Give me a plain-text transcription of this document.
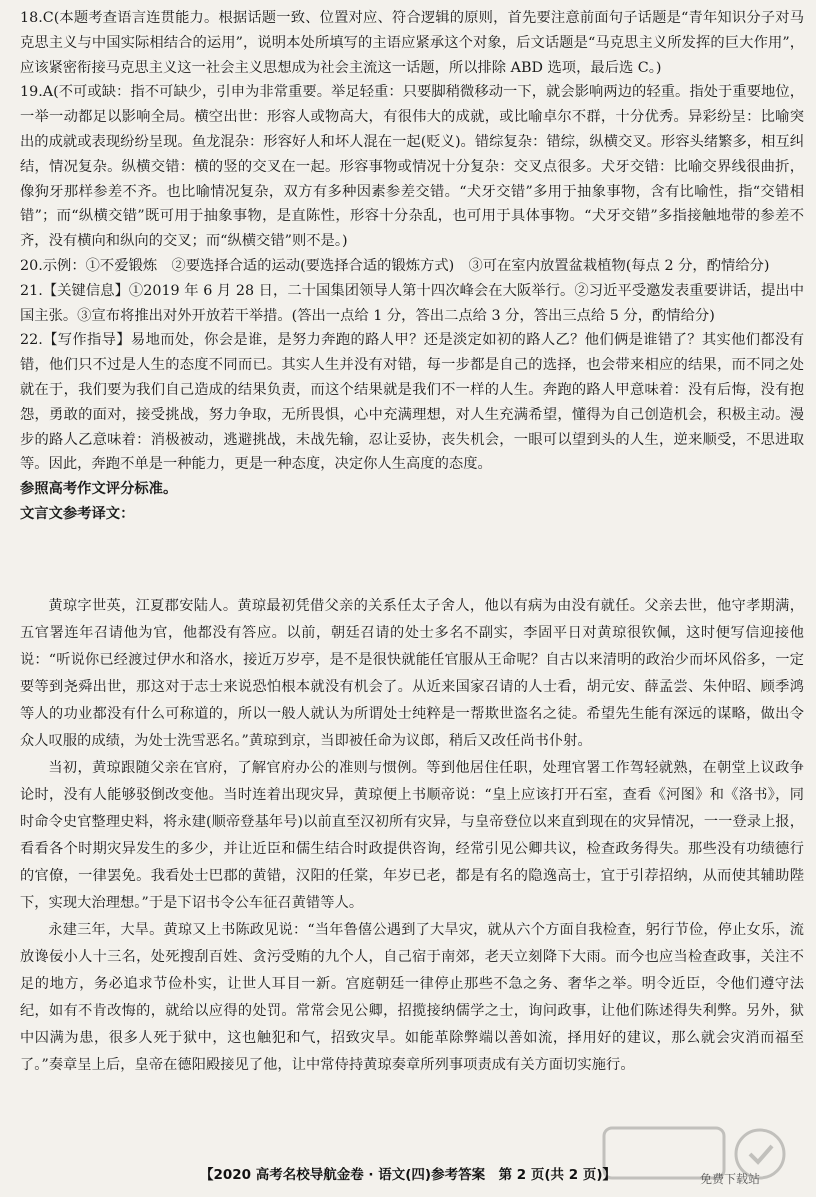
18.C(本题考查语言连贯能力。根据话题一致、位置对应、符合逻辑的原则，首先要注意前面句子话题是“青年知识分子对马克思主义与中国实际相结合的运用”，说明本处所填写的主语应紧承这个对象，后文话题是“马克思主义所发挥的巨大作用”，应该紧密衔接马克思主义这一社会主义思想成为社会主流这一话题，所以排除 ABD 选项，最后选 C。)

19.A(不可或缺：指不可缺少，引申为非常重要。举足轻重：只要脚稍微移动一下，就会影响两边的轻重。指处于重要地位，一举一动都足以影响全局。横空出世：形容人或物高大，有很伟大的成就，或比喻卓尔不群，十分优秀。异彩纷呈：比喻突出的成就或表现纷纷呈现。鱼龙混杂：形容好人和坏人混在一起(贬义)。错综复杂：错综，纵横交叉。形容头绪繁多，相互纠结，情况复杂。纵横交错：横的竖的交叉在一起。形容事物或情况十分复杂：交叉点很多。犬牙交错：比喻交界线很曲折，像狗牙那样参差不齐。也比喻情况复杂，双方有多种因素参差交错。“犬牙交错”多用于抽象事物，含有比喻性，指“交错相错”；而“纵横交错”既可用于抽象事物，是直陈性，形容十分杂乱，也可用于具体事物。“犬牙交错”多指接触地带的参差不齐，没有横向和纵向的交叉；而“纵横交错”则不是。)

20.示例：①不爱锻炼　②要选择合适的运动(要选择合适的锻炼方式)　③可在室内放置盆栽植物(每点 2 分，酌情给分)

21.【关键信息】①2019 年 6 月 28 日，二十国集团领导人第十四次峰会在大阪举行。②习近平受邀发表重要讲话，提出中国主张。③宣布将推出对外开放若干举措。(答出一点给 1 分，答出二点给 3 分，答出三点给 5 分，酌情给分)

22.【写作指导】易地而处，你会是谁，是努力奔跑的路人甲？还是淡定如初的路人乙？他们俩是谁错了？其实他们都没有错，他们只不过是人生的态度不同而已。其实人生并没有对错，每一步都是自己的选择，也会带来相应的结果，而不同之处就在于，我们要为我们自己造成的结果负责，而这个结果就是我们不一样的人生。奔跑的路人甲意味着：没有后悔，没有抱怨，勇敢的面对，接受挑战，努力争取，无所畏惧，心中充满理想，对人生充满希望，懂得为自己创造机会，积极主动。漫步的路人乙意味着：消极被动，逃避挑战，未战先输，忍让妥协，丧失机会，一眼可以望到头的人生，逆来顺受，不思进取等。因此，奔跑不单是一种能力，更是一种态度，决定你人生高度的态度。

参照高考作文评分标准。

文言文参考译文：

黄琼字世英，江夏郡安陆人。黄琼最初凭借父亲的关系任太子舍人，他以有病为由没有就任。父亲去世，他守孝期满，五官署连年召请他为官，他都没有答应。以前，朝廷召请的处士多名不副实，李固平日对黄琼很钦佩，这时便写信迎接他说：“听说你已经渡过伊水和洛水，接近万岁亭，是不是很快就能任官服从王命呢？自古以来清明的政治少而坏风俗多，一定要等到尧舜出世，那这对于志士来说恐怕根本就没有机会了。从近来国家召请的人士看，胡元安、薛孟尝、朱仲昭、顾季鸿等人的功业都没有什么可称道的，所以一般人就认为所谓处士纯粹是一帮欺世盗名之徒。希望先生能有深远的谋略，做出令众人叹服的成绩，为处士洗雪恶名。”黄琼到京，当即被任命为议郎，稍后又改任尚书仆射。

当初，黄琼跟随父亲在官府，了解官府办公的准则与惯例。等到他居住任职，处理官署工作驾轻就熟，在朝堂上议政争论时，没有人能够驳倒改变他。当时连着出现灾异，黄琼便上书顺帝说：“皇上应该打开石室，查看《河图》和《洛书》，同时命令史官整理史料，将永建(顺帝登基年号)以前直至汉初所有灾异，与皇帝登位以来直到现在的灾异情况，一一登录上报，看看各个时期灾异发生的多少，并让近臣和儒生结合时政提供咨询，经常引见公卿共议，检查政务得失。那些没有功绩德行的官僚，一律罢免。我看处士巴郡的黄错，汉阳的任棠，年岁已老，都是有名的隐逸高士，宜于引荐招纳，从而使其辅助陛下，实现大治理想。”于是下诏书令公车征召黄错等人。

永建三年，大旱。黄琼又上书陈政见说：“当年鲁僖公遇到了大旱灾，就从六个方面自我检查，躬行节俭，停止女乐，流放谗佞小人十三名，处死搜刮百姓、贪污受贿的九个人，自己宿于南郊，老天立刻降下大雨。而今也应当检查政事，关注不足的地方，务必追求节俭朴实，让世人耳目一新。宫庭朝廷一律停止那些不急之务、奢华之举。明令近臣，令他们遵守法纪，如有不肯改悔的，就给以应得的处罚。常常会见公卿，招揽接纳儒学之士，询问政事，让他们陈述得失利弊。另外，狱中囚满为患，很多人死于狱中，这也触犯和气，招致灾旱。如能革除弊端以善如流，择用好的建议，那么就会灾消而福至了。”奏章呈上后，皇帝在德阳殿接见了他，让中常侍持黄琼奏章所列事项责成有关方面切实施行。

免费下载站
【2020 高考名校导航金卷 · 语文(四)参考答案　第 2 页(共 2 页)】
